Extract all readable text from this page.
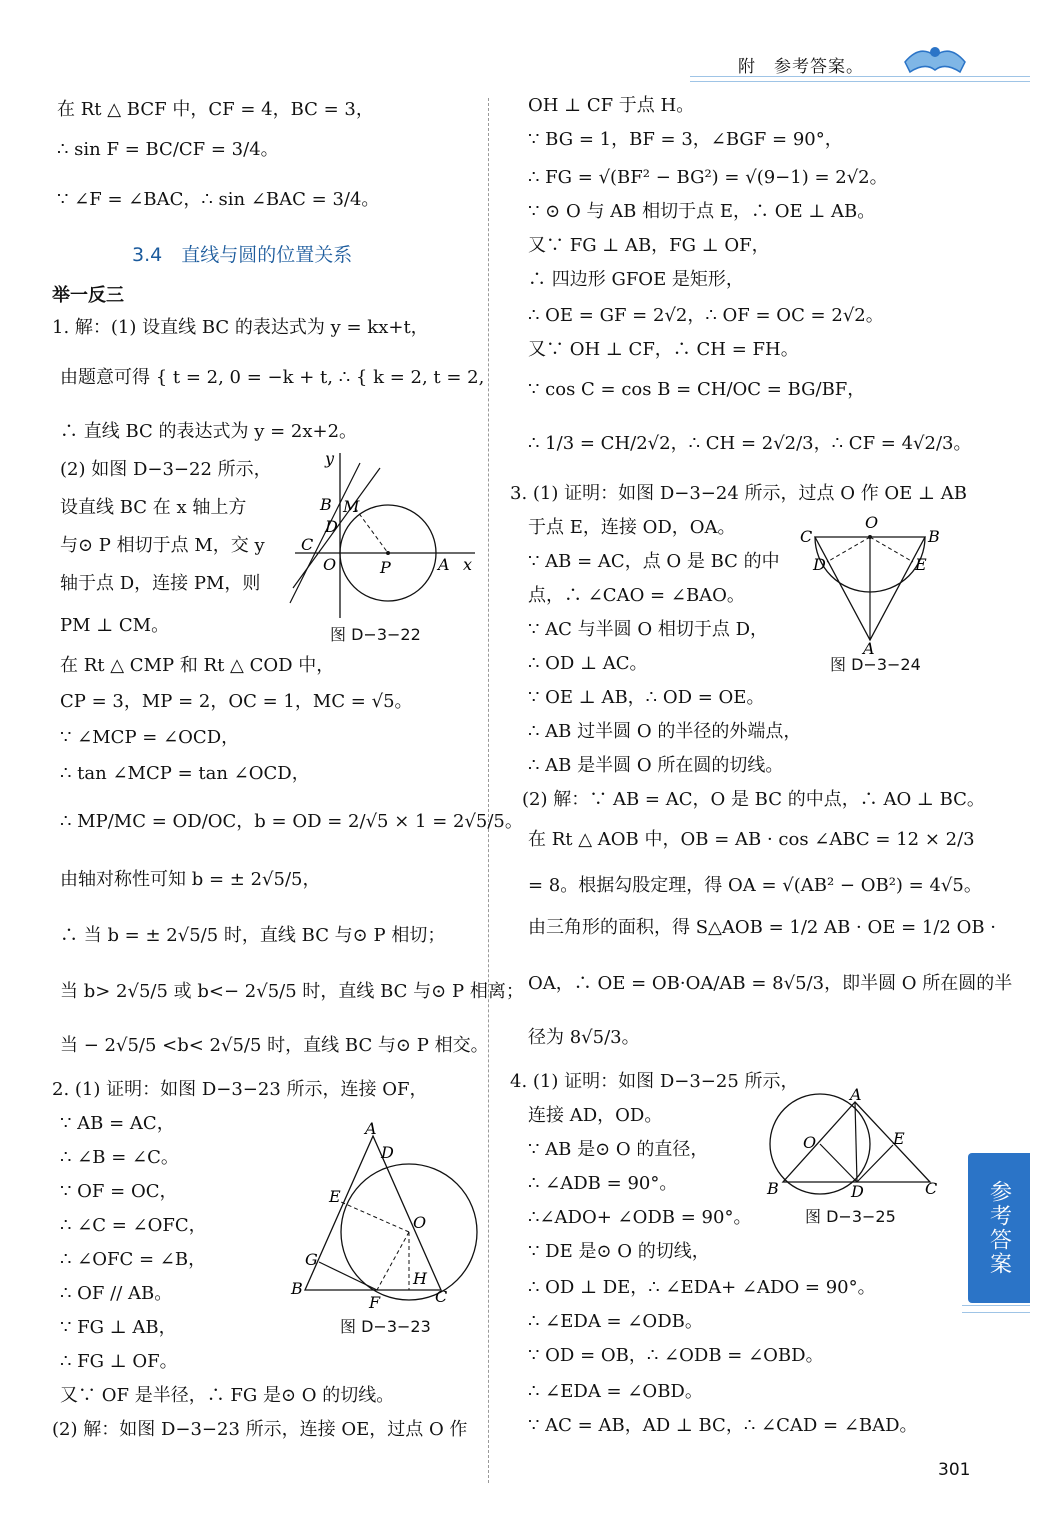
附　参考答案。
在 Rt △ BCF 中，CF = 4，BC = 3，
∴ sin F = BC/CF = 3/4。
∵ ∠F = ∠BAC，∴ sin ∠BAC = 3/4。
3.4　直线与圆的位置关系
举一反三
1. 解：(1) 设直线 BC 的表达式为 y = kx+t，
由题意可得 { t = 2, 0 = −k + t, ∴ { k = 2, t = 2,
∴ 直线 BC 的表达式为 y = 2x+2。
(2) 如图 D−3−22 所示，
设直线 BC 在 x 轴上方
与⊙ P 相切于点 M，交 y
轴于点 D，连接 PM，则
PM ⊥ CM。
在 Rt △ CMP 和 Rt △ COD 中，
CP = 3，MP = 2，OC = 1，MC = √5。
∵ ∠MCP = ∠OCD，
∴ tan ∠MCP = tan ∠OCD，
∴ MP/MC = OD/OC，b = OD = 2/√5 × 1 = 2√5/5。
由轴对称性可知 b = ± 2√5/5，
∴ 当 b = ± 2√5/5 时，直线 BC 与⊙ P 相切；
当 b> 2√5/5 或 b<− 2√5/5 时，直线 BC 与⊙ P 相离；
当 − 2√5/5 <b< 2√5/5 时，直线 BC 与⊙ P 相交。
2. (1) 证明：如图 D−3−23 所示，连接 OF，
∵ AB = AC，
∴ ∠B = ∠C。
∵ OF = OC，
∴ ∠C = ∠OFC，
∴ ∠OFC = ∠B，
∴ OF // AB。
∵ FG ⊥ AB，
∴ FG ⊥ OF。
又∵ OF 是半径，∴ FG 是⊙ O 的切线。
(2) 解：如图 D−3−23 所示，连接 OE，过点 O 作
y
B M
D
C
O	P	A x
图 D−3−22
A
D
E
O
G
B
F
H
C
图 D−3−23
OH ⊥ CF 于点 H。
∵ BG = 1，BF = 3，∠BGF = 90°，
∴ FG = √(BF² − BG²) = √(9−1) = 2√2。
∵ ⊙ O 与 AB 相切于点 E，∴ OE ⊥ AB。
又∵ FG ⊥ AB，FG ⊥ OF，
∴ 四边形 GFOE 是矩形，
∴ OE = GF = 2√2，∴ OF = OC = 2√2。
又∵ OH ⊥ CF，∴ CH = FH。
∵ cos C = cos B = CH/OC = BG/BF，
∴ 1/3 = CH/2√2，∴ CH = 2√2/3，∴ CF = 4√2/3。
3. (1) 证明：如图 D−3−24 所示，过点 O 作 OE ⊥ AB
于点 E，连接 OD，OA。
∵ AB = AC，点 O 是 BC 的中
点，∴ ∠CAO = ∠BAO。
∵ AC 与半圆 O 相切于点 D，
∴ OD ⊥ AC。
∵ OE ⊥ AB，∴ OD = OE。
∴ AB 过半圆 O 的半径的外端点，
∴ AB 是半圆 O 所在圆的切线。
(2) 解：∵ AB = AC，O 是 BC 的中点，∴ AO ⊥ BC。
在 Rt △ AOB 中，OB = AB · cos ∠ABC = 12 × 2/3
= 8。根据勾股定理，得 OA = √(AB² − OB²) = 4√5。
由三角形的面积，得 S△AOB = 1/2 AB · OE = 1/2 OB ·
OA，∴ OE = OB·OA/AB = 8√5/3，即半圆 O 所在圆的半
径为 8√5/3。
4. (1) 证明：如图 D−3−25 所示，
连接 AD，OD。
∵ AB 是⊙ O 的直径，
∴ ∠ADB = 90°。
∴∠ADO+ ∠ODB = 90°。
∵ DE 是⊙ O 的切线，
∴ OD ⊥ DE，∴ ∠EDA+ ∠ADO = 90°。
∴ ∠EDA = ∠ODB。
∵ OD = OB，∴ ∠ODB = ∠OBD。
∴ ∠EDA = ∠OBD。
∵ AC = AB，AD ⊥ BC，∴ ∠CAD = ∠BAD。
C
O
B
D	E
A
图 D−3−24
A
O	E
B	D	C
图 D−3−25	参考答案
301
